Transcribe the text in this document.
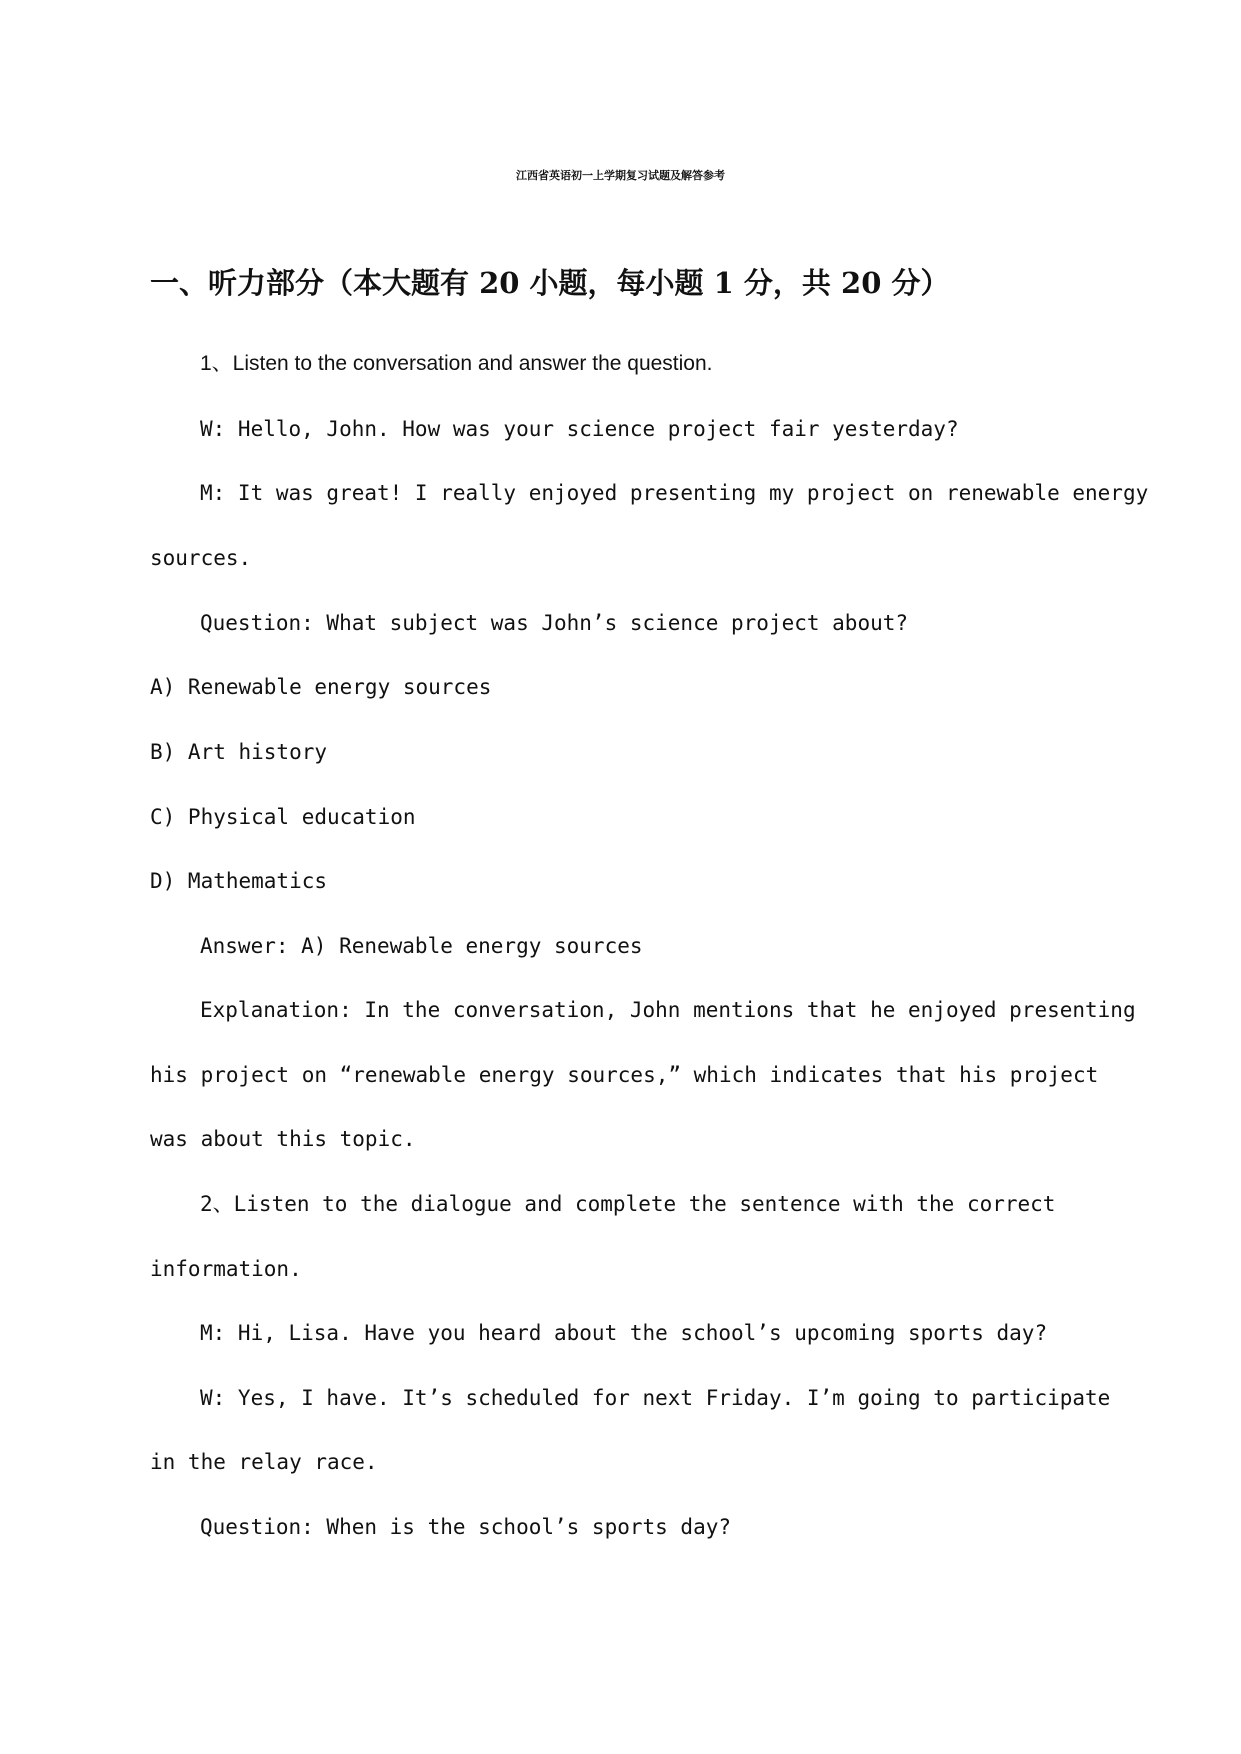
江西省英语初一上学期复习试题及解答参考
一、听力部分（本大题有 20 小题，每小题 1 分，共 20 分）
1、Listen to the conversation and answer the question.
W: Hello, John. How was your science project fair yesterday?
M: It was great! I really enjoyed presenting my project on renewable energy
sources.
Question: What subject was John’s science project about?
A) Renewable energy sources
B) Art history
C) Physical education
D) Mathematics
Answer: A) Renewable energy sources
Explanation: In the conversation, John mentions that he enjoyed presenting
his project on “renewable energy sources,” which indicates that his project
was about this topic.
2、Listen to the dialogue and complete the sentence with the correct
information.
M: Hi, Lisa. Have you heard about the school’s upcoming sports day?
W: Yes, I have. It’s scheduled for next Friday. I’m going to participate
in the relay race.
Question: When is the school’s sports day?
